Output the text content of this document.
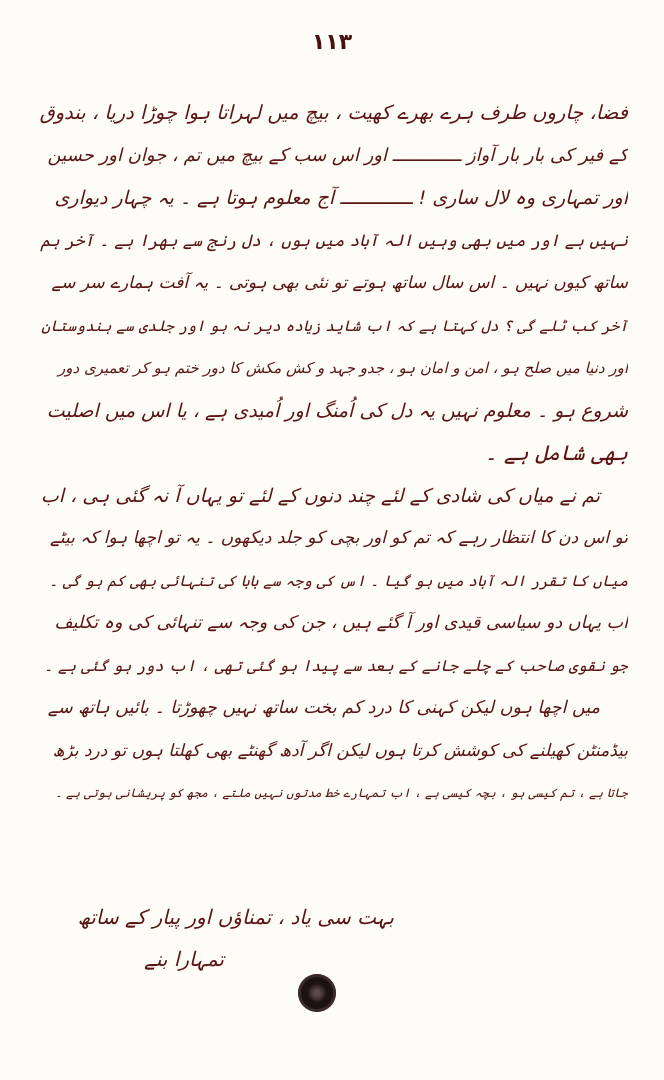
١١٣
فضا، چاروں طرف ہرے بھرے کھیت ، بیچ میں لہراتا ہوا چوڑا دریا ، بندوق
کے فیر کی بار بار آواز ـــــــــــــ اور اس سب کے بیچ میں تم ، جوان اور حسین
اور تمہاری وہ لال ساری ! ـــــــــــــ آج معلوم ہوتا ہے ۔ یہ چہار دیواری
نہیں ہے اور میں بھی وہیں الہ آباد میں ہوں ، دل رنج سے بھرا ہے ۔ آخر ہم
ساتھ کیوں نہیں ۔ اس سال ساتھ ہوتے تو نئی بھی ہوتی ۔ یہ آفت ہمارے سر سے
آخر کب ٹلے گی ؟ دل کہتا ہے کہ اب شاید زیادہ دیر نہ ہو اور جلدی سے ہندوستان
اور دنیا میں صلح ہو ، امن و امان ہو ، جدو جہد و کش مکش کا دور ختم ہو کر تعمیری دور
شروع ہو ۔ معلوم نہیں یہ دل کی اُمنگ اور اُمیدی ہے ، یا اس میں اصلیت
بھی شامل ہے ۔
تم نے میاں کی شادی کے لئے چند دنوں کے لئے تو یہاں آ نہ گئی ہی ، اب
تو اس دن کا انتظار رہے کہ تم کو اور بچی کو جلد دیکھوں ۔ یہ تو اچھا ہوا کہ بیٹے
میاں کا تقرر الہ آباد میں ہو گیا ۔ اس کی وجہ سے بابا کی تنہائی بھی کم ہو گی ۔
اب یہاں دو سیاسی قیدی اور آ گئے ہیں ، جن کی وجہ سے تنہائی کی وہ تکلیف
جو نقوی صاحب کے چلے جانے کے بعد سے پیدا ہو گئی تھی ، اب دور ہو گئی ہے ۔
میں اچھا ہوں لیکن کہنی کا درد کم بخت ساتھ نہیں چھوڑتا ۔ بائیں ہاتھ سے
بیڈمنٹن کھیلنے کی کوشش کرتا ہوں لیکن اگر آدھ گھنٹے بھی کھلتا ہوں تو درد بڑھ
جاتا ہے ، تم کیسی ہو ، بچہ کیسی ہے ، اب تمہارے خط مدتوں نہیں ملتے ، مجھ کو پریشانی ہوتی ہے ۔
بہت سی یاد ، تمناؤں اور پیار کے ساتھ
تمہارا بنے
